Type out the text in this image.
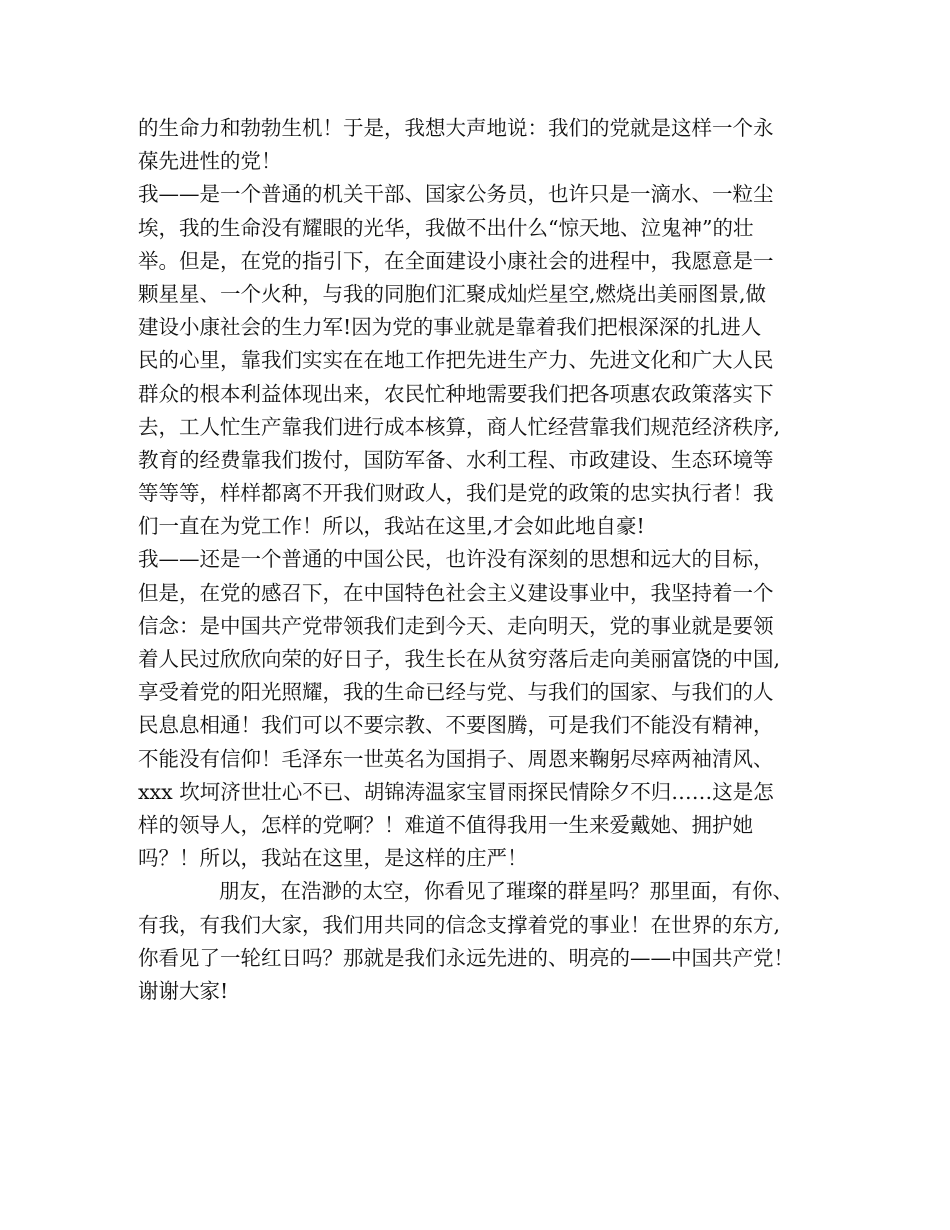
的生命力和勃勃生机！于是，我想大声地说：我们的党就是这样一个永
葆先进性的党！
我——是一个普通的机关干部、国家公务员，也许只是一滴水、一粒尘
埃，我的生命没有耀眼的光华，我做不出什么“惊天地、泣鬼神”的壮
举。但是，在党的指引下，在全面建设小康社会的进程中，我愿意是一
颗星星、一个火种，与我的同胞们汇聚成灿烂星空,燃烧出美丽图景,做
建设小康社会的生力军!因为党的事业就是靠着我们把根深深的扎进人
民的心里，靠我们实实在在地工作把先进生产力、先进文化和广大人民
群众的根本利益体现出来，农民忙种地需要我们把各项惠农政策落实下
去，工人忙生产靠我们进行成本核算，商人忙经营靠我们规范经济秩序,
教育的经费靠我们拨付，国防军备、水利工程、市政建设、生态环境等
等等等，样样都离不开我们财政人，我们是党的政策的忠实执行者！我
们一直在为党工作！所以，我站在这里,才会如此地自豪!
我——还是一个普通的中国公民，也许没有深刻的思想和远大的目标，
但是，在党的感召下，在中国特色社会主义建设事业中，我坚持着一个
信念：是中国共产党带领我们走到今天、走向明天，党的事业就是要领
着人民过欣欣向荣的好日子，我生长在从贫穷落后走向美丽富饶的中国,
享受着党的阳光照耀，我的生命已经与党、与我们的国家、与我们的人
民息息相通！我们可以不要宗教、不要图腾，可是我们不能没有精神，
不能没有信仰！毛泽东一世英名为国捐子、周恩来鞠躬尽瘁两袖清风、
xxx 坎坷济世壮心不已、胡锦涛温家宝冒雨探民情除夕不归……这是怎
样的领导人，怎样的党啊？！难道不值得我用一生来爱戴她、拥护她
吗？！所以，我站在这里，是这样的庄严！
朋友，在浩渺的太空，你看见了璀璨的群星吗？那里面，有你、
有我，有我们大家，我们用共同的信念支撑着党的事业！在世界的东方,
你看见了一轮红日吗？那就是我们永远先进的、明亮的——中国共产党！
谢谢大家!
